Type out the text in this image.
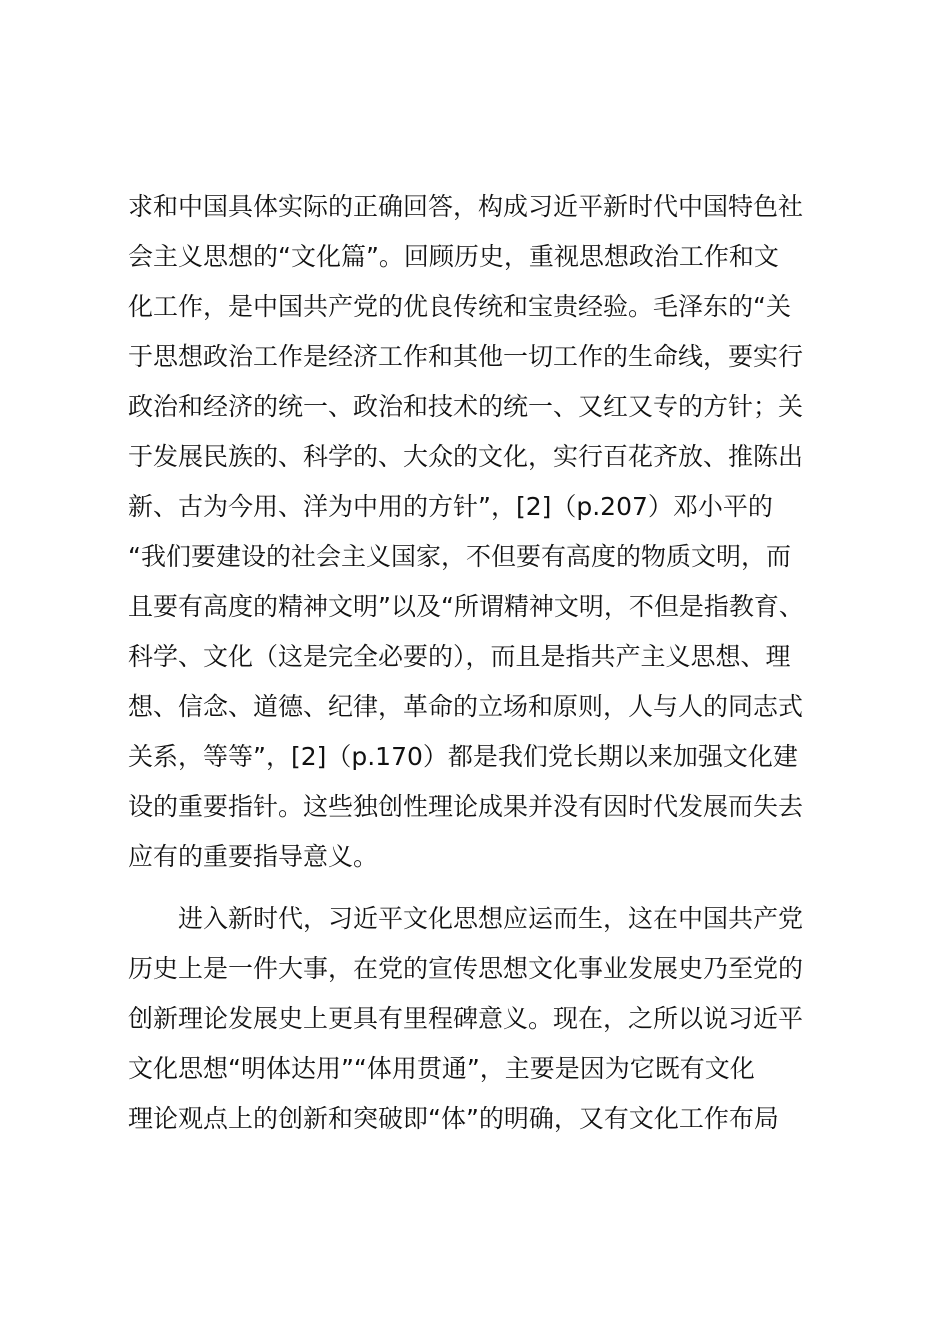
求和中国具体实际的正确回答，构成习近平新时代中国特色社
会主义思想的“文化篇”。回顾历史，重视思想政治工作和文
化工作，是中国共产党的优良传统和宝贵经验。毛泽东的“关
于思想政治工作是经济工作和其他一切工作的生命线，要实行
政治和经济的统一、政治和技术的统一、又红又专的方针；关
于发展民族的、科学的、大众的文化，实行百花齐放、推陈出
新、古为今用、洋为中用的方针”，[2]（p.207）邓小平的
“我们要建设的社会主义国家，不但要有高度的物质文明，而
且要有高度的精神文明”以及“所谓精神文明，不但是指教育、
科学、文化（这是完全必要的），而且是指共产主义思想、理
想、信念、道德、纪律，革命的立场和原则，人与人的同志式
关系，等等”，[2]（p.170）都是我们党长期以来加强文化建
设的重要指针。这些独创性理论成果并没有因时代发展而失去
应有的重要指导意义。
　　进入新时代，习近平文化思想应运而生，这在中国共产党
历史上是一件大事，在党的宣传思想文化事业发展史乃至党的
创新理论发展史上更具有里程碑意义。现在，之所以说习近平
文化思想“明体达用”“体用贯通”，主要是因为它既有文化
理论观点上的创新和突破即“体”的明确，又有文化工作布局
